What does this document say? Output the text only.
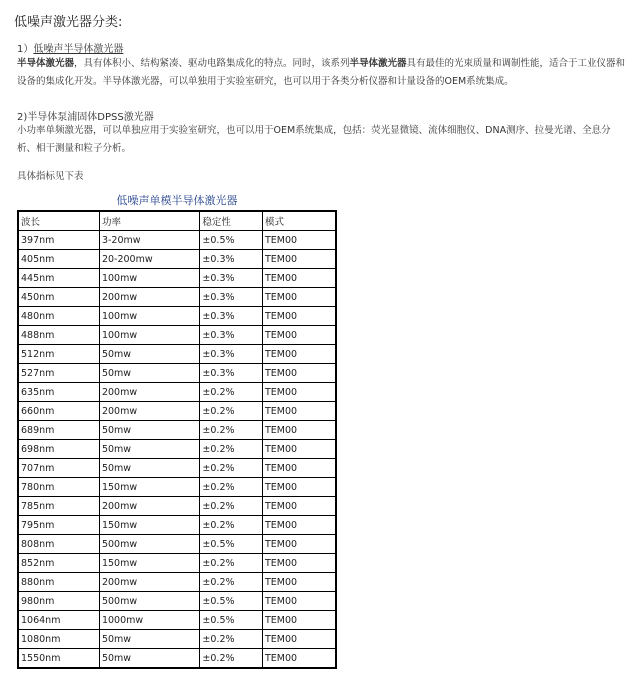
低噪声激光器分类:
1）低噪声半导体激光器
半导体激光器，具有体积小、结构紧凑、驱动电路集成化的特点。同时，该系列半导体激光器具有最佳的光束质量和调制性能，适合于工业仪器和设备的集成化开发。半导体激光器，可以单独用于实验室研究，也可以用于各类分析仪器和计量设备的OEM系统集成。
2)半导体泵浦固体DPSS激光器
小功率单频激光器，可以单独应用于实验室研究，也可以用于OEM系统集成，包括：荧光显微镜、流体细胞仪、DNA测序、拉曼光谱、全息分析、相干测量和粒子分析。
具体指标见下表
低噪声单模半导体激光器
波长	功率	稳定性	模式
397nm	3-20mw	±0.5%	TEM00
405nm	20-200mw	±0.3%	TEM00
445nm	100mw	±0.3%	TEM00
450nm	200mw	±0.3%	TEM00
480nm	100mw	±0.3%	TEM00
488nm	100mw	±0.3%	TEM00
512nm	50mw	±0.3%	TEM00
527nm	50mw	±0.3%	TEM00
635nm	200mw	±0.2%	TEM00
660nm	200mw	±0.2%	TEM00
689nm	50mw	±0.2%	TEM00
698nm	50mw	±0.2%	TEM00
707nm	50mw	±0.2%	TEM00
780nm	150mw	±0.2%	TEM00
785nm	200mw	±0.2%	TEM00
795nm	150mw	±0.2%	TEM00
808nm	500mw	±0.5%	TEM00
852nm	150mw	±0.2%	TEM00
880nm	200mw	±0.2%	TEM00
980nm	500mw	±0.5%	TEM00
1064nm	1000mw	±0.5%	TEM00
1080nm	50mw	±0.2%	TEM00
1550nm	50mw	±0.2%	TEM00
